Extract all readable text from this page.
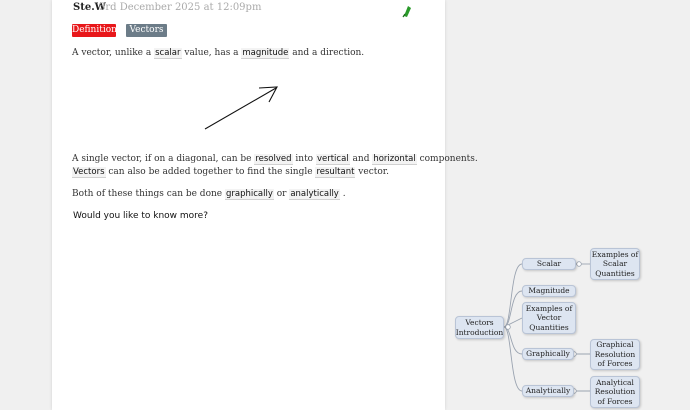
Ste.W
3rd December 2025 at 12:09pm
Definition	Vectors
A vector, unlike a scalar value, has a magnitude and a direction.
A single vector, if on a diagonal, can be resolved into vertical and horizontal components.
Vectors can also be added together to find the single resultant vector.
Both of these things can be done graphically or analytically .
Would you like to know more?
Vectors Introduction
Scalar
Magnitude
Examples of Vector Quantities
Graphically
Analytically
Examples of Scalar Quantities
Graphical Resolution of Forces
Analytical Resolution of Forces
